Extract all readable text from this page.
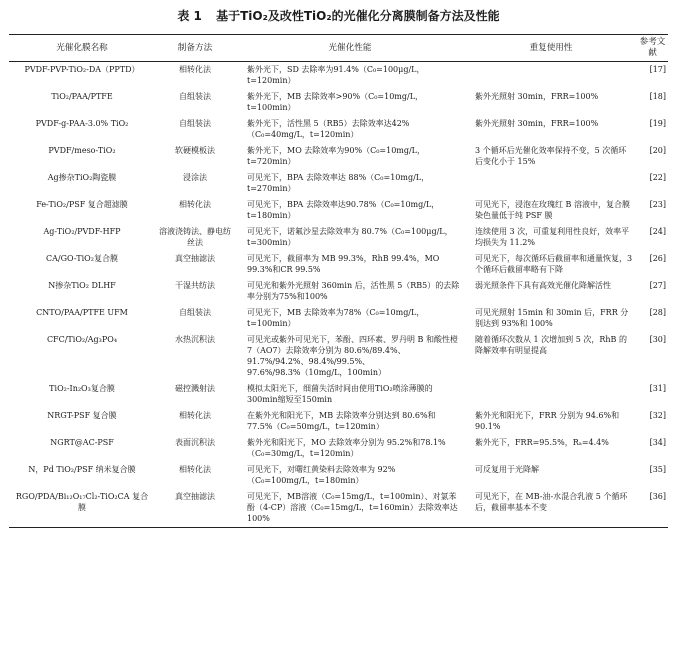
表 1 基于TiO₂及改性TiO₂的光催化分离膜制备方法及性能
光催化膜名称	制备方法	光催化性能	重复使用性	参考文献
PVDF-PVP-TiO₂-DA（PPTD）	相转化法	紫外光下，SD 去除率为91.4%（C₀=100μg/L，t=120min）		[17]
TiO₂/PAA/PTFE	自组装法	紫外光下，MB 去除效率>90%（C₀=10mg/L，t=100min）	紫外光照射 30min，FRR=100%	[18]
PVDF-g-PAA-3.0% TiO₂	自组装法	紫外光下，活性黑 5（RB5）去除效率达42%（C₀=40mg/L，t=120min）	紫外光照射 30min，FRR=100%	[19]
PVDF/meso-TiO₂	软硬模板法	紫外光下，MO 去除效率为90%（C₀=10mg/L，t=720min）	3 个循环后光催化效率保持不变，5 次循环后变化小于 15%	[20]
Ag掺杂TiO₂陶瓷膜	浸涂法	可见光下，BPA 去除效率达 88%（C₀=10mg/L，t=270min）		[22]
Fe-TiO₂/PSF 复合超滤膜	相转化法	可见光下，BPA 去除效率达90.78%（C₀=10mg/L，t=180min）	可见光下，浸泡在玫瑰红 B 溶液中，复合膜染色量低于纯 PSF 膜	[23]
Ag-TiO₂/PVDF-HFP	溶液浇铸法、静电纺丝法	可见光下，诺氟沙星去除效率为 80.7%（C₀=100μg/L，t=300min）	连续使用 3 次，可重复利用性良好，效率平均损失为 11.2%	[24]
CA/GO-TiO₂复合膜	真空抽滤法	可见光下，截留率为 MB 99.3%，RhB 99.4%，MO 99.3%和CR 99.5%	可见光下，每次循环后截留率和通量恢复，3 个循环后截留率略有下降	[26]
N掺杂TiO₂ DLHF	干湿共纺法	可见光和紫外光照射 360min 后，活性黑 5（RB5）的去除率分别为75%和100%	弱光照条件下具有高效光催化降解活性	[27]
CNTO/PAA/PTFE UFM	自组装法	可见光下，MB 去除效率为78%（C₀=10mg/L，t=100min）	可见光照射 15min 和 30min 后，FRR 分别达到 93%和 100%	[28]
CFC/TiO₂/Ag₃PO₄	水热沉积法	可见光或紫外可见光下，苯酚、四环素、罗丹明 B 和酸性橙 7（AO7）去除效率分别为 80.6%/89.4%、91.7%/94.2%、98.4%/99.5%、97.6%/98.3%（10mg/L，100min）	随着循环次数从 1 次增加到 5 次，RhB 的降解效率有明显提高	[30]
TiO₂-In₂O₃复合膜	磁控溅射法	模拟太阳光下，细菌失活时间由使用TiO₂喷涂薄膜的300min缩短至150min		[31]
NRGT-PSF 复合膜	相转化法	在紫外光和阳光下，MB 去除效率分别达到 80.6%和 77.5%（C₀=50mg/L，t=120min）	紫外光和阳光下，FRR 分别为 94.6%和 90.1%	[32]
NGRT@AC-PSF	表面沉积法	紫外光和阳光下，MO 去除效率分别为 95.2%和78.1%（C₀=30mg/L，t=120min）	紫外光下，FRR=95.5%，Rₐ=4.4%	[34]
N，Pd TiO₂/PSF 纳米复合膜	相转化法	可见光下，对曙红黄染料去除效率为 92%（C₀=100mg/L，t=180min）	可反复用于光降解	[35]
RGO/PDA/Bi₁₂O₁₇Cl₂-TiO₂CA 复合膜	真空抽滤法	可见光下，MB溶液（C₀=15mg/L，t=100min）、对氯苯酚（4-CP）溶液（C₀=15mg/L，t=160min）去除效率达100%	可见光下，在 MB-油-水混合乳液 5 个循环后，截留率基本不变	[36]
